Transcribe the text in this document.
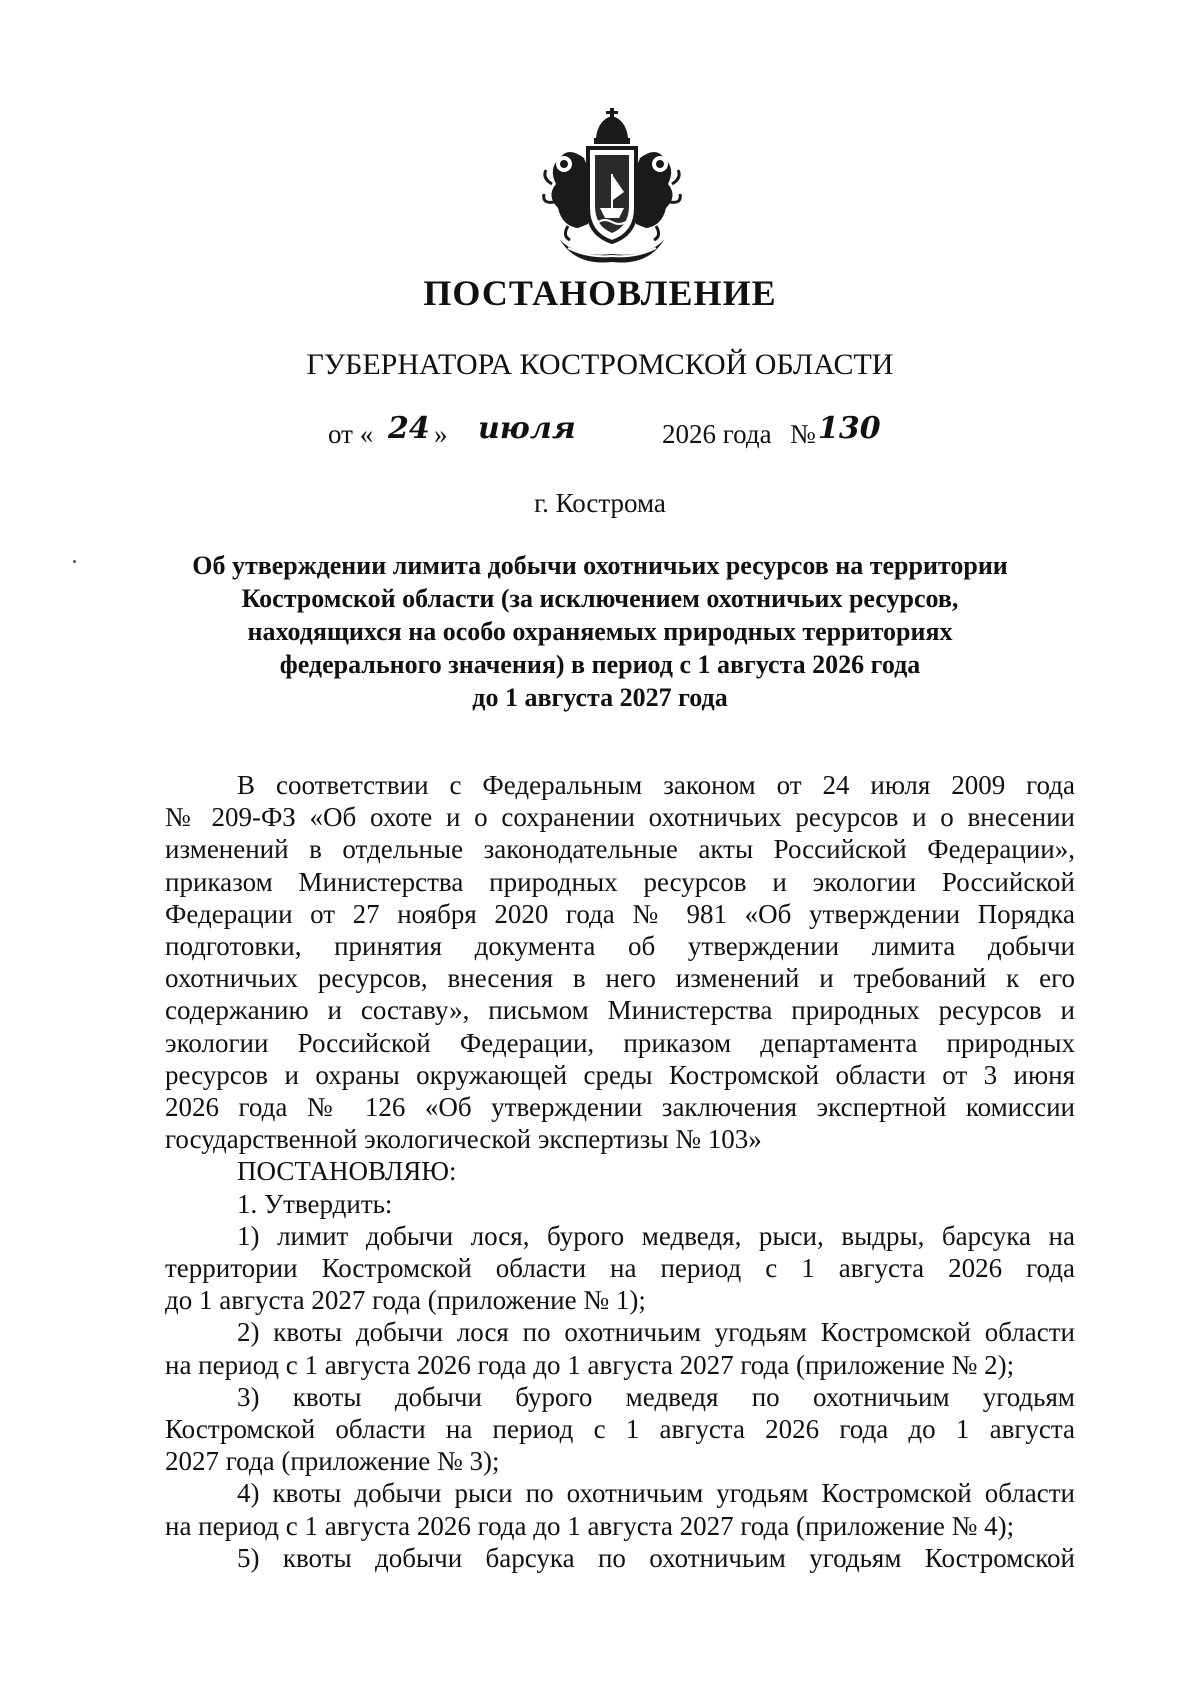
ПОСТАНОВЛЕНИЕ
ГУБЕРНАТОРА КОСТРОМСКОЙ ОБЛАСТИ
от « 24 » июля	2026 года № 130
г. Кострома
Об утверждении лимита добычи охотничьих ресурсов на территории
Костромской области (за исключением охотничьих ресурсов,
находящихся на особо охраняемых природных территориях
федерального значения) в период с 1 августа 2026 года
до 1 августа 2027 года
В соответствии с Федеральным законом от 24 июля 2009 года
№ 209-ФЗ «Об охоте и о сохранении охотничьих ресурсов и о внесении
изменений в отдельные законодательные акты Российской Федерации»,
приказом Министерства природных ресурсов и экологии Российской
Федерации от 27 ноября 2020 года № 981 «Об утверждении Порядка
подготовки, принятия документа об утверждении лимита добычи
охотничьих ресурсов, внесения в него изменений и требований к его
содержанию и составу», письмом Министерства природных ресурсов и
экологии Российской Федерации, приказом департамента природных
ресурсов и охраны окружающей среды Костромской области от 3 июня
2026 года № 126 «Об утверждении заключения экспертной комиссии
государственной экологической экспертизы № 103»
ПОСТАНОВЛЯЮ:
1. Утвердить:
1) лимит добычи лося, бурого медведя, рыси, выдры, барсука на
территории Костромской области на период с 1 августа 2026 года
до 1 августа 2027 года (приложение № 1);
2) квоты добычи лося по охотничьим угодьям Костромской области
на период с 1 августа 2026 года до 1 августа 2027 года (приложение № 2);
3) квоты добычи бурого медведя по охотничьим угодьям
Костромской области на период с 1 августа 2026 года до 1 августа
2027 года (приложение № 3);
4) квоты добычи рыси по охотничьим угодьям Костромской области
на период с 1 августа 2026 года до 1 августа 2027 года (приложение № 4);
5) квоты добычи барсука по охотничьим угодьям Костромской
